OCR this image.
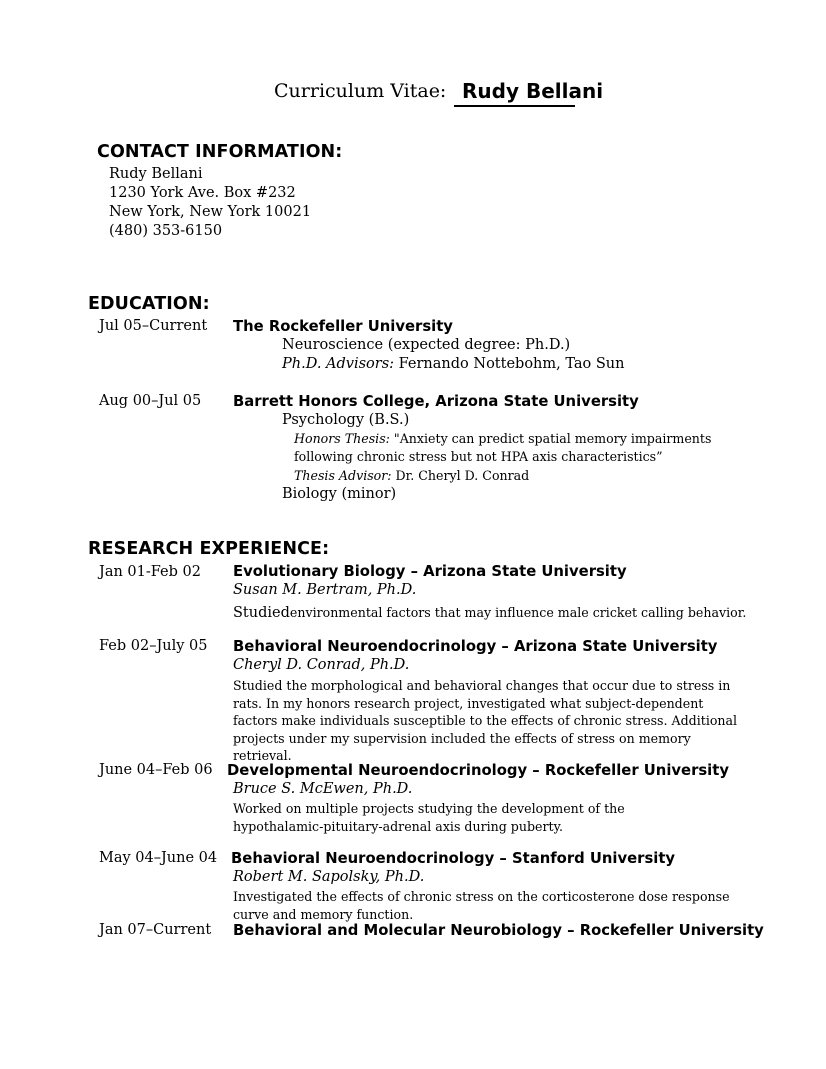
Curriculum Vitae: Rudy Bellani
CONTACT INFORMATION:
Rudy Bellani
1230 York Ave. Box #232
New York, New York 10021
(480) 353-6150
EDUCATION:
Jul 05–Current The Rockefeller University
Neuroscience (expected degree: Ph.D.)
Ph.D. Advisors: Fernando Nottebohm, Tao Sun
Aug 00–Jul 05 Barrett Honors College, Arizona State University
Psychology (B.S.)
Honors Thesis: "Anxiety can predict spatial memory impairments
following chronic stress but not HPA axis characteristics”
Thesis Advisor: Dr. Cheryl D. Conrad
Biology (minor)
RESEARCH EXPERIENCE:
Jan 01-Feb 02 Evolutionary Biology – Arizona State University
Susan M. Bertram, Ph.D.
Studiedenvironmental factors that may influence male cricket calling behavior.
Feb 02–July 05 Behavioral Neuroendocrinology – Arizona State University
Cheryl D. Conrad, Ph.D.
Studied the morphological and behavioral changes that occur due to stress in rats. In my honors research project, investigated what subject-dependent factors make individuals susceptible to the effects of chronic stress. Additional projects under my supervision included the effects of stress on memory retrieval.
June 04–Feb 06 Developmental Neuroendocrinology – Rockefeller University
Bruce S. McEwen, Ph.D.
Worked on multiple projects studying the development of the hypothalamic-pituitary-adrenal axis during puberty.
May 04–June 04 Behavioral Neuroendocrinology – Stanford University
Robert M. Sapolsky, Ph.D.
Investigated the effects of chronic stress on the corticosterone dose response curve and memory function.
Jan 07–Current Behavioral and Molecular Neurobiology – Rockefeller University
